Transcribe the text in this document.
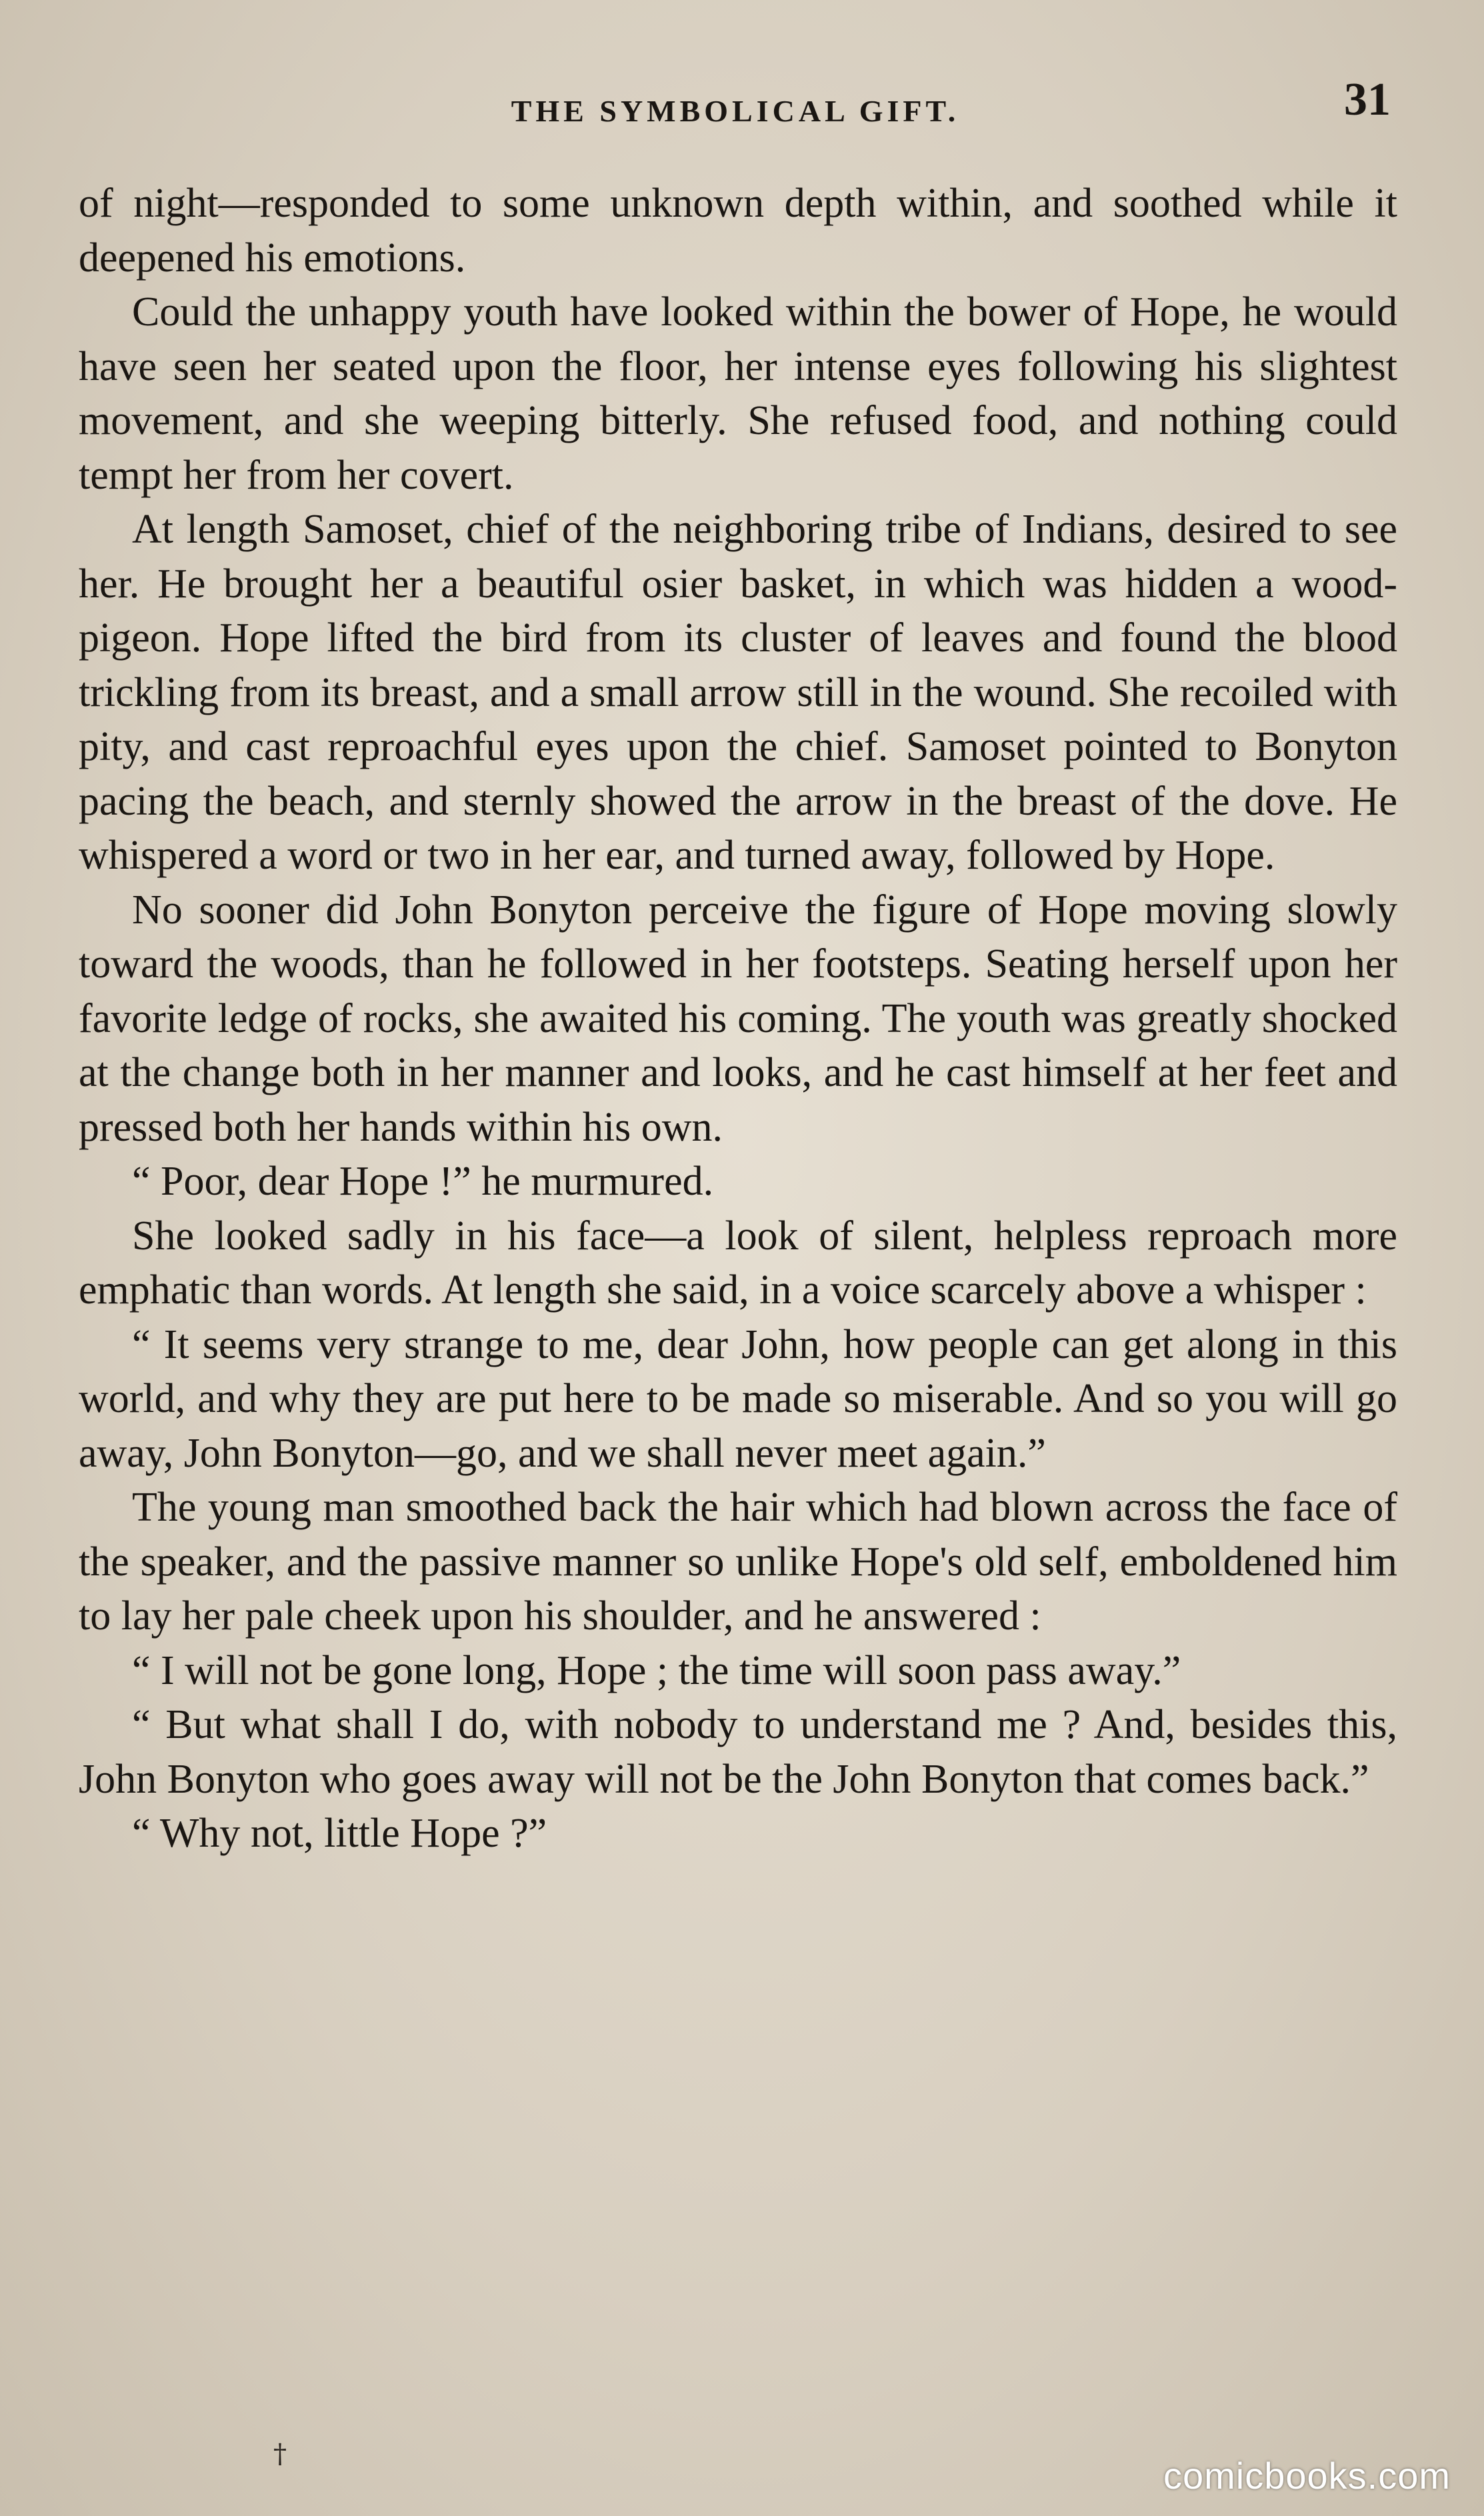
THE SYMBOLICAL GIFT.	31

of night—responded to some unknown depth within, and soothed while it deepened his emotions.

Could the unhappy youth have looked within the bower of Hope, he would have seen her seated upon the floor, her intense eyes following his slightest movement, and she weeping bitterly. She refused food, and nothing could tempt her from her covert.

At length Samoset, chief of the neighboring tribe of Indians, desired to see her. He brought her a beautiful osier basket, in which was hidden a wood-pigeon. Hope lifted the bird from its cluster of leaves and found the blood trickling from its breast, and a small arrow still in the wound. She recoiled with pity, and cast reproachful eyes upon the chief. Samoset pointed to Bonyton pacing the beach, and sternly showed the arrow in the breast of the dove. He whispered a word or two in her ear, and turned away, followed by Hope.

No sooner did John Bonyton perceive the figure of Hope moving slowly toward the woods, than he followed in her footsteps. Seating herself upon her favorite ledge of rocks, she awaited his coming. The youth was greatly shocked at the change both in her manner and looks, and he cast himself at her feet and pressed both her hands within his own.

“ Poor, dear Hope !” he murmured.

She looked sadly in his face—a look of silent, helpless reproach more emphatic than words. At length she said, in a voice scarcely above a whisper :

“ It seems very strange to me, dear John, how people can get along in this world, and why they are put here to be made so miserable. And so you will go away, John Bonyton—go, and we shall never meet again.”

The young man smoothed back the hair which had blown across the face of the speaker, and the passive manner so unlike Hope's old self, emboldened him to lay her pale cheek upon his shoulder, and he answered :

“ I will not be gone long, Hope ; the time will soon pass away.”

“ But what shall I do, with nobody to understand me ? And, besides this, John Bonyton who goes away will not be the John Bonyton that comes back.”

“ Why not, little Hope ?”

†
comicbooks.com
